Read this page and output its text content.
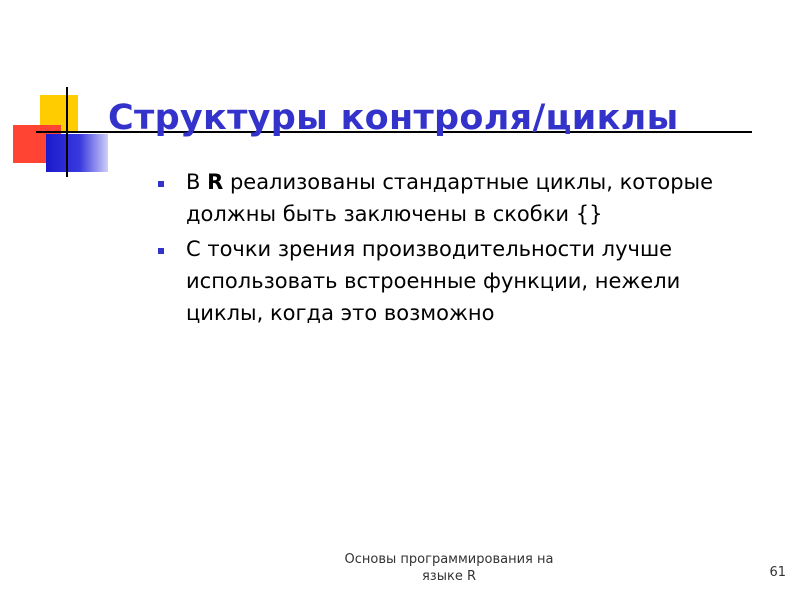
Структуры контроля/циклы
В R реализованы стандартные циклы, которые должны быть заключены в скобки {}
С точки зрения производительности лучше использовать встроенные функции, нежели циклы, когда это возможно
Основы программирования на
языке R	61
